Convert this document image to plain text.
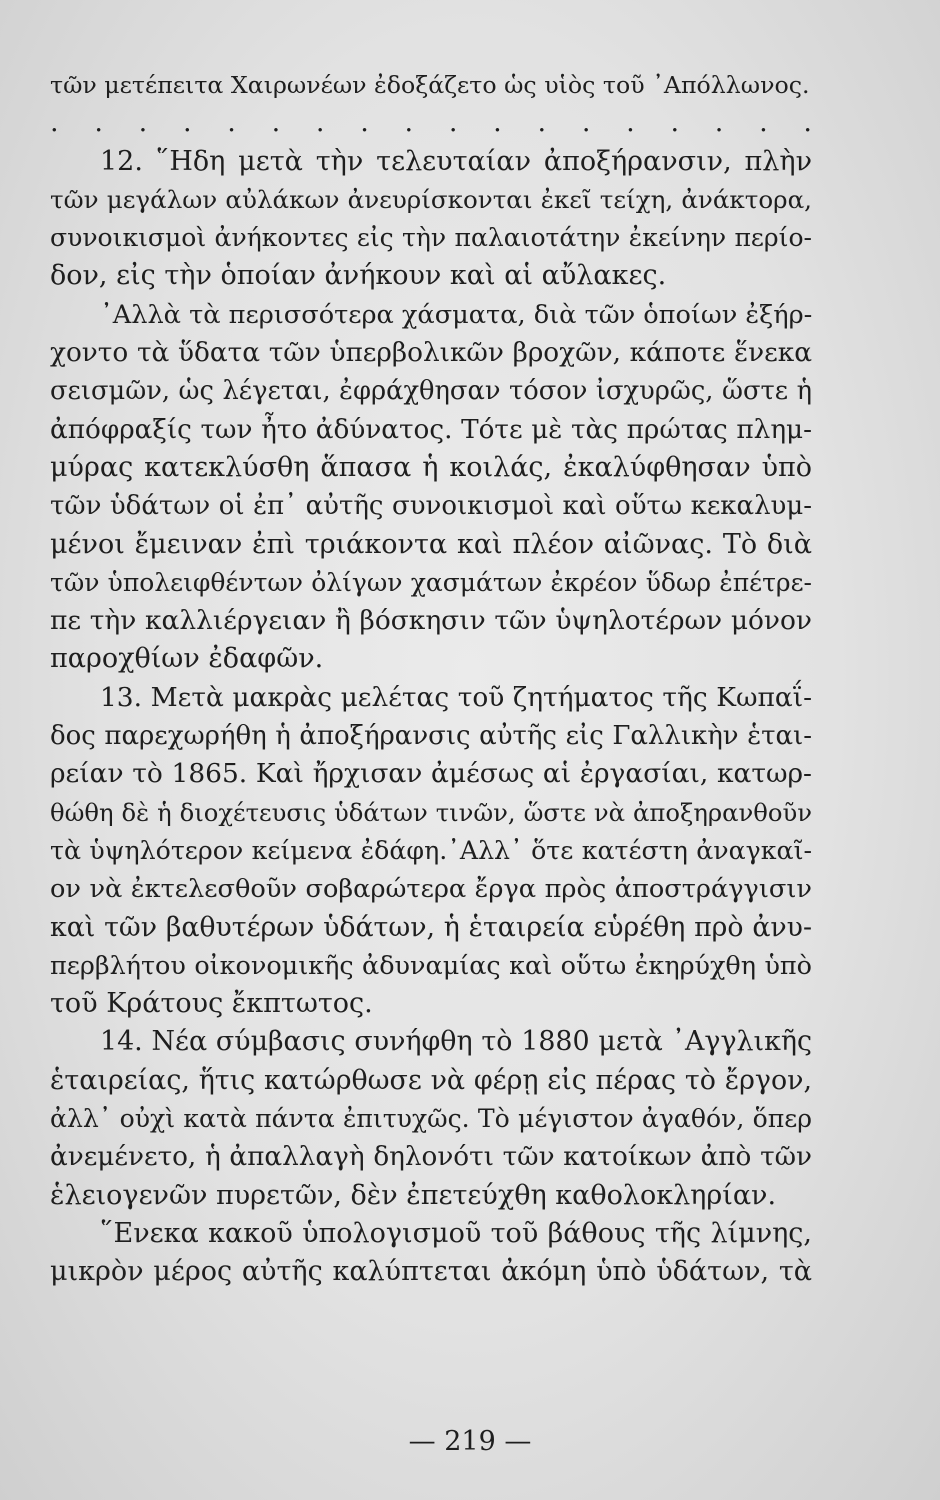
τῶν μετέπειτα Χαιρωνέων ἐδοξάζετο ὡς υἱὸς τοῦ ᾿Απόλλωνος.
. . . . . . . . . . . . . . . . . .
12. ῞Ηδη μετὰ τὴν τελευταίαν ἀποξήρανσιν, πλὴν
τῶν μεγάλων αὐλάκων ἀνευρίσκονται ἐκεῖ τείχη, ἀνάκτορα,
συνοικισμοὶ ἀνήκοντες εἰς τὴν παλαιοτάτην ἐκείνην περίο-
δον, εἰς τὴν ὁποίαν ἀνήκουν καὶ αἱ αὔλακες.
᾿Αλλὰ τὰ περισσότερα χάσματα, διὰ τῶν ὁποίων ἐξήρ-
χοντο τὰ ὕδατα τῶν ὑπερβολικῶν βροχῶν, κάποτε ἕνεκα
σεισμῶν, ὡς λέγεται, ἐφράχθησαν τόσον ἰσχυρῶς, ὥστε ἡ
ἀπόφραξίς των ἦτο ἀδύνατος. Τότε μὲ τὰς πρώτας πλημ-
μύρας κατεκλύσθη ἅπασα ἡ κοιλάς, ἐκαλύφθησαν ὑπὸ
τῶν ὑδάτων οἱ ἐπ᾿ αὐτῆς συνοικισμοὶ καὶ οὕτω κεκαλυμ-
μένοι ἔμειναν ἐπὶ τριάκοντα καὶ πλέον αἰῶνας. Τὸ διὰ
τῶν ὑπολειφθέντων ὀλίγων χασμάτων ἐκρέον ὕδωρ ἐπέτρε-
πε τὴν καλλιέργειαν ἢ βόσκησιν τῶν ὑψηλοτέρων μόνον
παροχθίων ἐδαφῶν.
13. Μετὰ μακρὰς μελέτας τοῦ ζητήματος τῆς Κωπαΐ-
δος παρεχωρήθη ἡ ἀποξήρανσις αὐτῆς εἰς Γαλλικὴν ἑται-
ρείαν τὸ 1865. Καὶ ἤρχισαν ἀμέσως αἱ ἐργασίαι, κατωρ-
θώθη δὲ ἡ διοχέτευσις ὑδάτων τινῶν, ὥστε νὰ ἀποξηρανθοῦν
τὰ ὑψηλότερον κείμενα ἐδάφη.᾿Αλλ᾿ ὅτε κατέστη ἀναγκαῖ-
ον νὰ ἐκτελεσθοῦν σοβαρώτερα ἔργα πρὸς ἀποστράγγισιν
καὶ τῶν βαθυτέρων ὑδάτων, ἡ ἑταιρεία εὑρέθη πρὸ ἀνυ-
περβλήτου οἰκονομικῆς ἀδυναμίας καὶ οὕτω ἐκηρύχθη ὑπὸ
τοῦ Κράτους ἔκπτωτος.
14. Νέα σύμβασις συνήφθη τὸ 1880 μετὰ ᾿Αγγλικῆς
ἑταιρείας, ἥτις κατώρθωσε νὰ φέρῃ εἰς πέρας τὸ ἔργον,
ἀλλ᾿ οὐχὶ κατὰ πάντα ἐπιτυχῶς. Τὸ μέγιστον ἀγαθόν, ὅπερ
ἀνεμένετο, ἡ ἀπαλλαγὴ δηλονότι τῶν κατοίκων ἀπὸ τῶν
ἑλειογενῶν πυρετῶν, δὲν ἐπετεύχθη καθολοκληρίαν.
῞Ενεκα κακοῦ ὑπολογισμοῦ τοῦ βάθους τῆς λίμνης,
μικρὸν μέρος αὐτῆς καλύπτεται ἀκόμη ὑπὸ ὑδάτων, τὰ
— 219 —
